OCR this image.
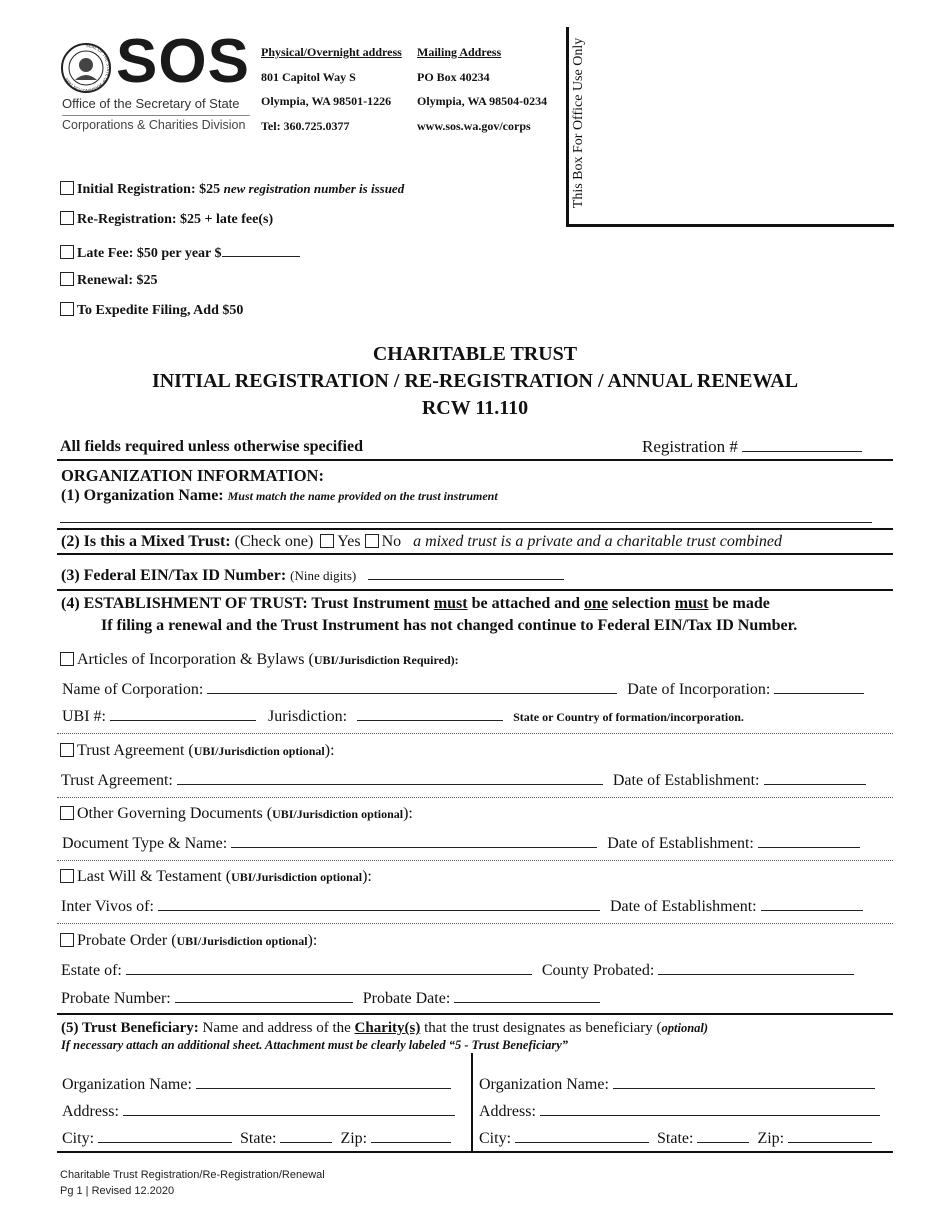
SEAL OF THE STATE OF WASHINGTON 1889 SOS
Office of the Secretary of State
Corporations & Charities Division
Physical/Overnight address
801 Capitol Way S
Olympia, WA 98501-1226
Tel: 360.725.0377
Mailing Address
PO Box 40234
Olympia, WA 98504-0234
www.sos.wa.gov/corps	This Box For Office Use Only
Initial Registration: $25 new registration number is issued
Re-Registration: $25 + late fee(s)
Late Fee: $50 per year $
Renewal: $25
To Expedite Filing, Add $50
CHARITABLE TRUST
INITIAL REGISTRATION / RE-REGISTRATION / ANNUAL RENEWAL
RCW 11.110
All fields required unless otherwise specified	Registration #
ORGANIZATION INFORMATION:
(1) Organization Name: Must match the name provided on the trust instrument
(2) Is this a Mixed Trust: (Check one) Yes No a mixed trust is a private and a charitable trust combined
(3) Federal EIN/Tax ID Number: (Nine digits)
(4) ESTABLISHMENT OF TRUST: Trust Instrument must be attached and one selection must be made
If filing a renewal and the Trust Instrument has not changed continue to Federal EIN/Tax ID Number.
Articles of Incorporation & Bylaws (UBI/Jurisdiction Required):
Name of Corporation:	Date of Incorporation:
UBI #:	Jurisdiction:	State or Country of formation/incorporation.
Trust Agreement (UBI/Jurisdiction optional):
Trust Agreement:	Date of Establishment:
Other Governing Documents (UBI/Jurisdiction optional):
Document Type & Name:	Date of Establishment:
Last Will & Testament (UBI/Jurisdiction optional):
Inter Vivos of:	Date of Establishment:
Probate Order (UBI/Jurisdiction optional):
Estate of:	County Probated:
Probate Number:	Probate Date:
(5) Trust Beneficiary: Name and address of the Charity(s) that the trust designates as beneficiary (optional)
If necessary attach an additional sheet. Attachment must be clearly labeled “5 - Trust Beneficiary”
Organization Name:
Address:
City:	State:	Zip:
Organization Name:
Address:
City:	State:	Zip:
Charitable Trust Registration/Re-Registration/Renewal
Pg 1 | Revised 12.2020
